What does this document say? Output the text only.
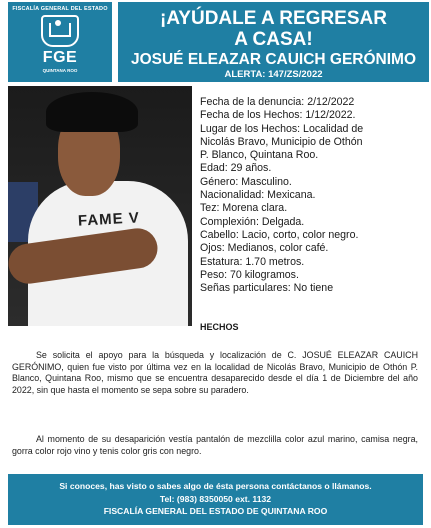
FISCALÍA GENERAL DEL ESTADO
FGE
QUINTANA ROO
¡AYÚDALE A REGRESAR
A CASA!
JOSUÉ ELEAZAR CAUICH GERÓNIMO
ALERTA: 147/ZS/2022
FAME V
Fecha de la denuncia: 2/12/2022
Fecha de los Hechos: 1/12/2022.
Lugar de los Hechos: Localidad de
Nicolás Bravo, Municipio de Othón
P. Blanco, Quintana Roo.
Edad: 29 años.
Género: Masculino.
Nacionalidad: Mexicana.
Tez: Morena clara.
Complexión: Delgada.
Cabello: Lacio, corto, color negro.
Ojos: Medianos, color café.
Estatura: 1.70 metros.
Peso: 70 kilogramos.
Señas particulares: No tiene
HECHOS
Se solicita el apoyo para la búsqueda y localización de C. JOSUÉ ELEAZAR CAUICH GERÓNIMO, quien fue visto por última vez en la localidad de Nicolás Bravo, Municipio de Othón P. Blanco, Quintana Roo, mismo que se encuentra desaparecido desde el día 1 de Diciembre del año 2022, sin que hasta el momento se sepa sobre su paradero.
Al momento de su desaparición vestía pantalón de mezclilla color azul marino, camisa negra, gorra color rojo vino y tenis color gris con negro.
Si conoces, has visto o sabes algo de ésta persona contáctanos o llámanos.
Tel: (983) 8350050 ext. 1132
FISCALÍA GENERAL DEL ESTADO DE QUINTANA ROO
